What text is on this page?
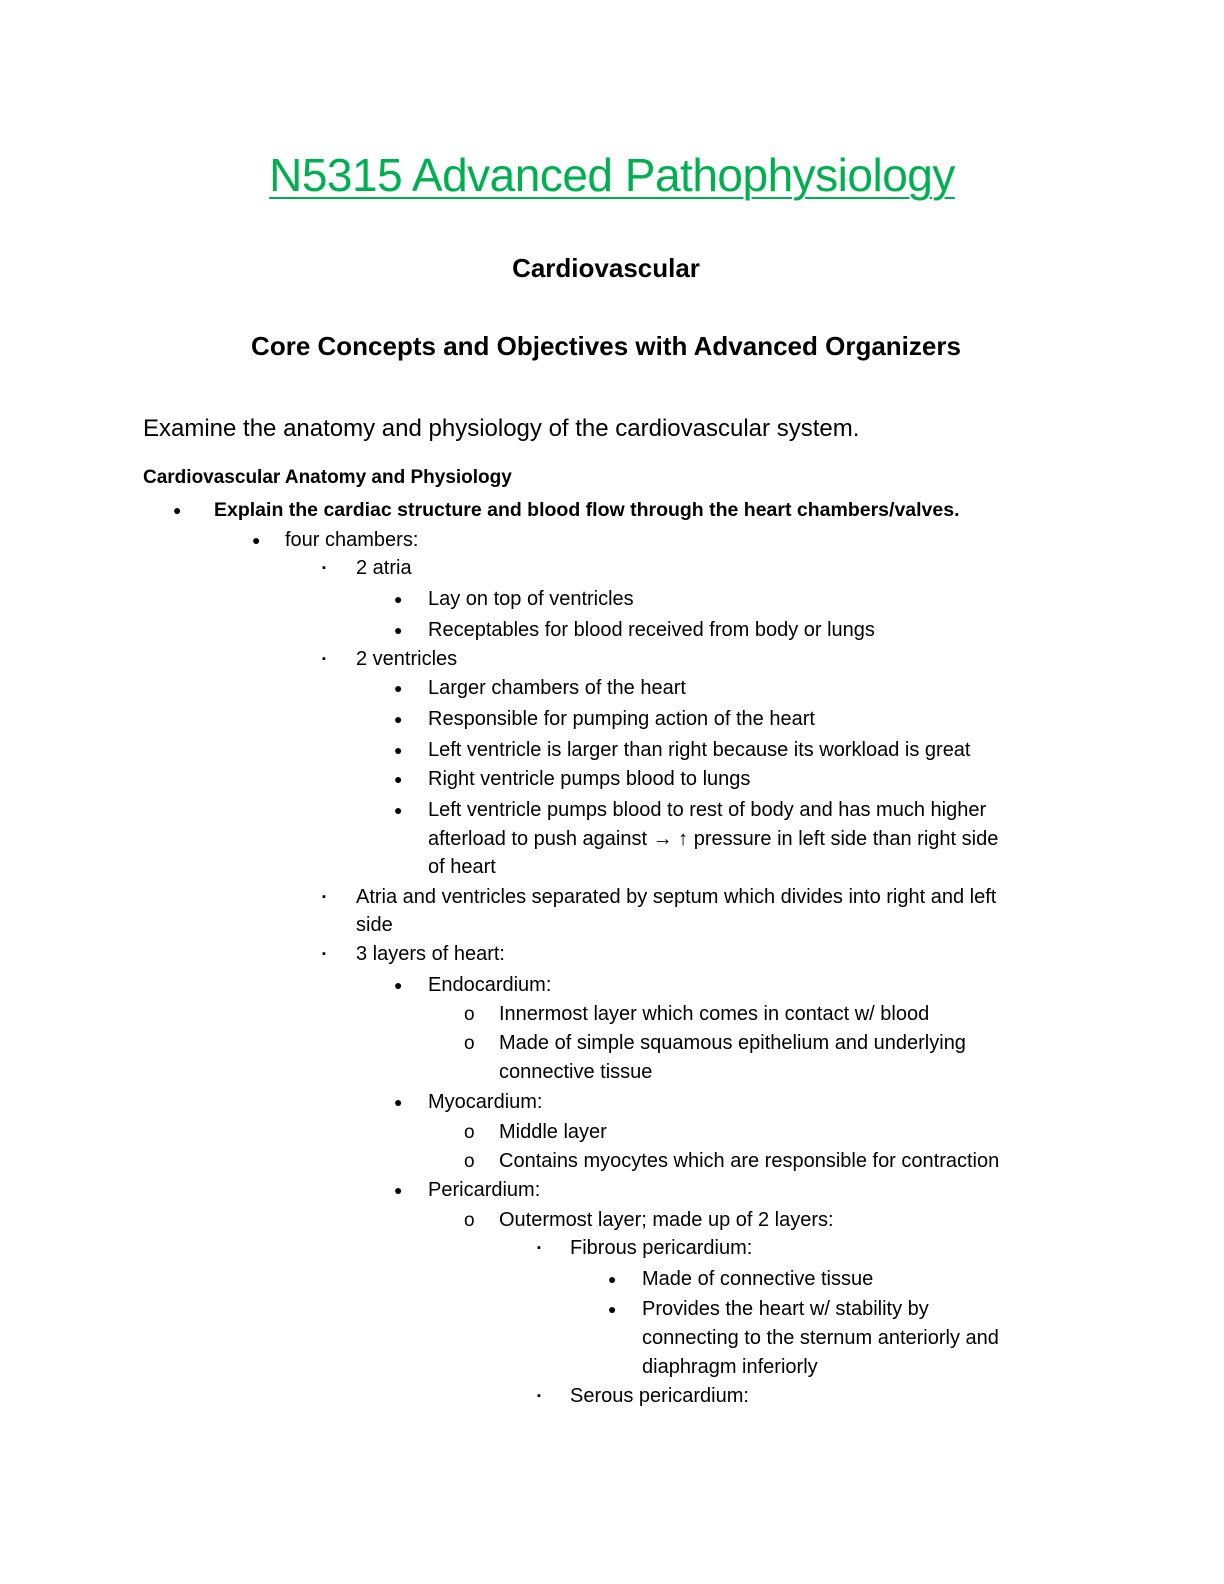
N5315 Advanced Pathophysiology
Cardiovascular
Core Concepts and Objectives with Advanced Organizers
Examine the anatomy and physiology of the cardiovascular system.
Cardiovascular Anatomy and Physiology
● Explain the cardiac structure and blood flow through the heart chambers/valves.
● four chambers:
▪ 2 atria
● Lay on top of ventricles
● Receptables for blood received from body or lungs
▪ 2 ventricles
● Larger chambers of the heart
● Responsible for pumping action of the heart
● Left ventricle is larger than right because its workload is great
● Right ventricle pumps blood to lungs
● Left ventricle pumps blood to rest of body and has much higher
afterload to push against → ↑ pressure in left side than right side
of heart
▪ Atria and ventricles separated by septum which divides into right and left
side
▪ 3 layers of heart:
● Endocardium:
o Innermost layer which comes in contact w/ blood
o Made of simple squamous epithelium and underlying
connective tissue
● Myocardium:
o Middle layer
o Contains myocytes which are responsible for contraction
● Pericardium:
o Outermost layer; made up of 2 layers:
▪ Fibrous pericardium:
● Made of connective tissue
● Provides the heart w/ stability by
connecting to the sternum anteriorly and
diaphragm inferiorly
▪ Serous pericardium:
